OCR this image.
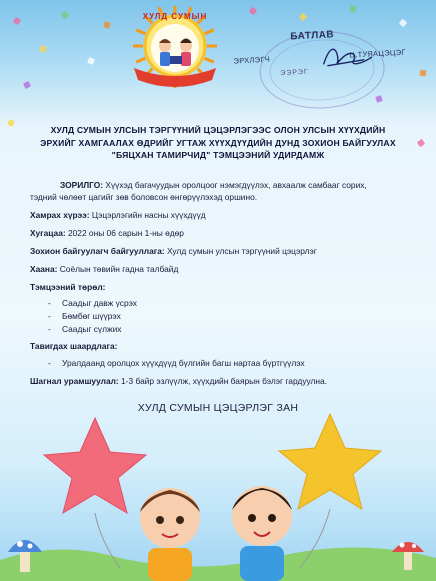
ХУЛД СУМЫН
БАТЛАВ
ЭРХЛЭГЧ
Ц.ТУЯАЦЭЦЭГ
ЭЭРЭГ
ХУЛД СУМЫН УЛСЫН ТЭРГҮҮНИЙ ЦЭЦЭРЛЭГЭЭС ОЛОН УЛСЫН ХҮҮХДИЙН
ЭРХИЙГ ХАМГААЛАХ ӨДРИЙГ УГТАЖ ХҮҮХДҮҮДИЙН ДУНД ЗОХИОН БАЙГУУЛАХ
"БЯЦХАН ТАМИРЧИД" ТЭМЦЭЭНИЙ УДИРДАМЖ
ЗОРИЛГО: Хүүхэд бaгачуудын оролцоог нэмэгдүүлэх, авхаалж самбааг сорих,
тэдний чөлөөт цагийг зөв боловсон өнгөрүүлэхэд оршино.
Хамрах хүрээ: Цэцэрлэгийн насны хүүхдүүд
Хугацаа: 2022 оны 06 сарын 1-ны өдөр
Зохион байгуулагч байгууллага: Хулд сумын улсын тэргүүний цэцэрлэг
Хаана: Соёлын төвийн гадна талбайд
Тэмцээний төрөл:
- Саадыг давж үсрэх
- Бөмбөг шүүрэх
- Саадыг сүлжих
Тавигдах шаардлага:
- Уралдаанд оролцох хүүхдүүд бүлгийн багш нартаа бүртгүүлэх
Шагнал урамшуулал: 1-3 байр эзлүүлж, хүүхдийн баярын бэлэг гардуулна.
ХУЛД СУМЫН ЦЭЦЭРЛЭГ ЗАН
